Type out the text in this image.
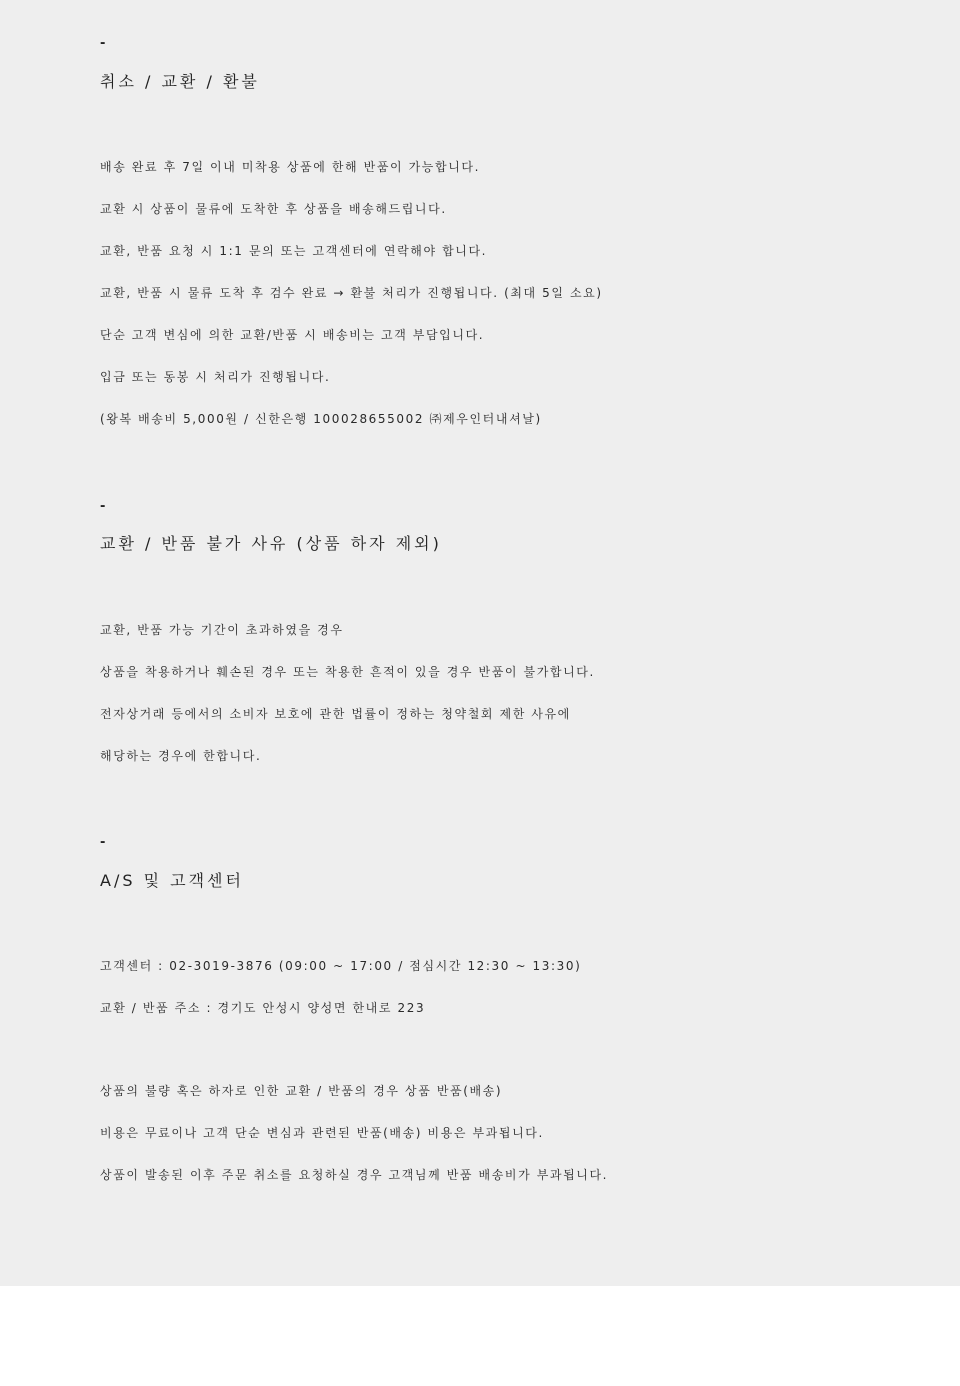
-
취소 / 교환 / 환불
배송 완료 후 7일 이내 미착용 상품에 한해 반품이 가능합니다.
교환 시 상품이 물류에 도착한 후 상품을 배송해드립니다.
교환, 반품 요청 시 1:1 문의 또는 고객센터에 연락해야 합니다.
교환, 반품 시 물류 도착 후 검수 완료 → 환불 처리가 진행됩니다. (최대 5일 소요)
단순 고객 변심에 의한 교환/반품 시 배송비는 고객 부담입니다.
입금 또는 동봉 시 처리가 진행됩니다.
(왕복 배송비 5,000원 / 신한은행 100028655002 ㈜제우인터내셔날)
-
교환 / 반품 불가 사유 (상품 하자 제외)
교환, 반품 가능 기간이 초과하였을 경우
상품을 착용하거나 훼손된 경우 또는 착용한 흔적이 있을 경우 반품이 불가합니다.
전자상거래 등에서의 소비자 보호에 관한 법률이 정하는 청약철회 제한 사유에
해당하는 경우에 한합니다.
-
A/S 및 고객센터
고객센터 : 02-3019-3876 (09:00 ~ 17:00 / 점심시간 12:30 ~ 13:30)
교환 / 반품 주소 : 경기도 안성시 양성면 한내로 223
상품의 불량 혹은 하자로 인한 교환 / 반품의 경우 상품 반품(배송)
비용은 무료이나 고객 단순 변심과 관련된 반품(배송) 비용은 부과됩니다.
상품이 발송된 이후 주문 취소를 요청하실 경우 고객님께 반품 배송비가 부과됩니다.
